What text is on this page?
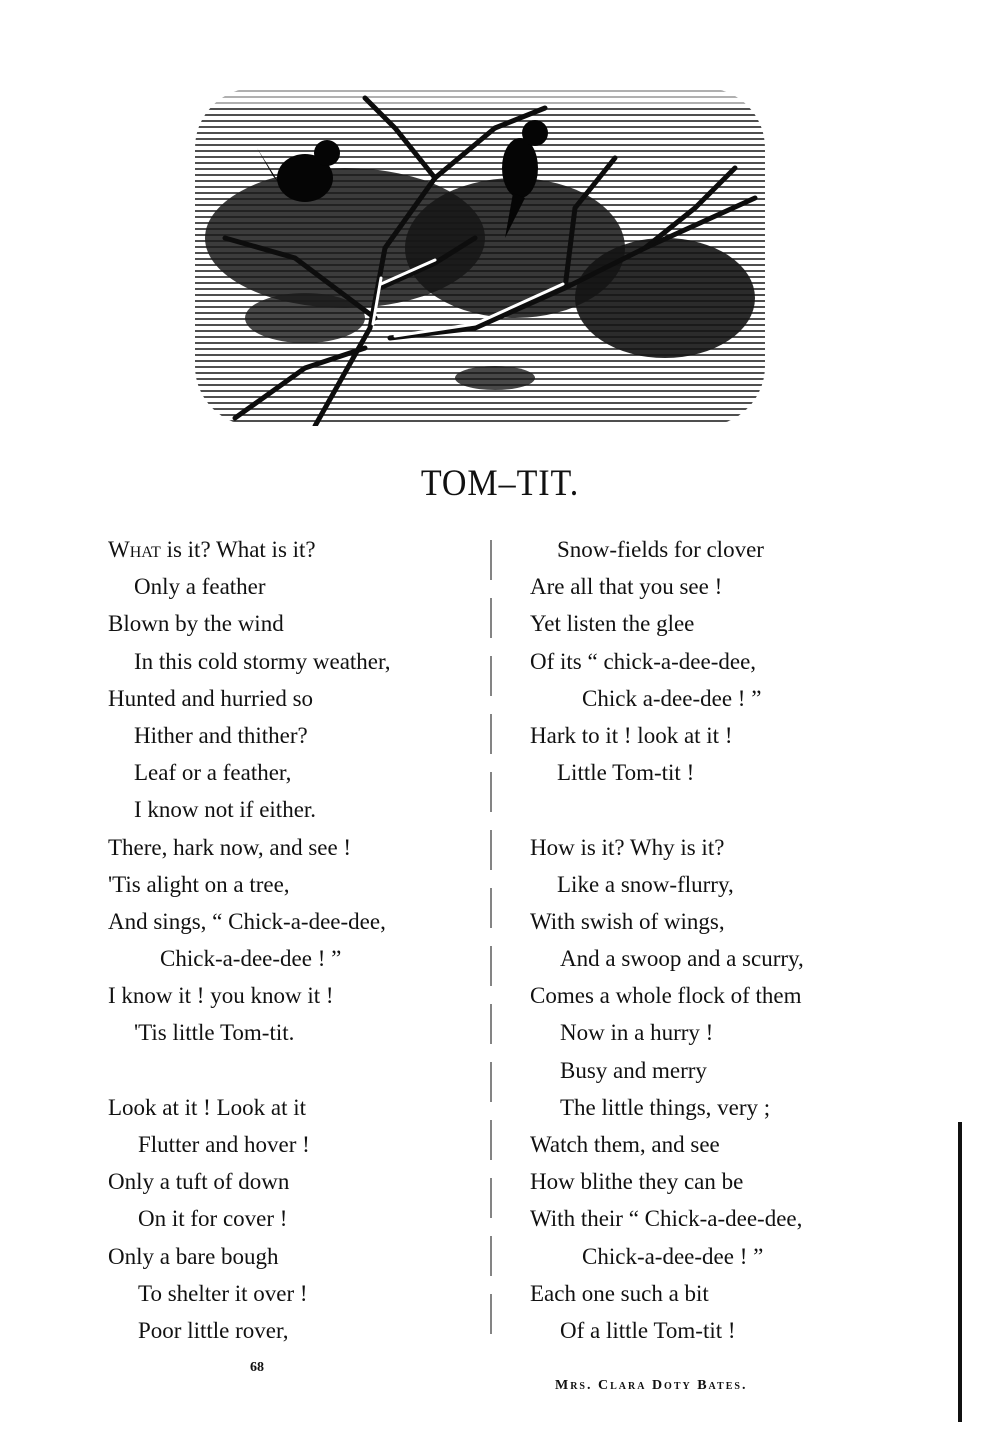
TOM–TIT.
What is it? What is it?
Only a feather
Blown by the wind
In this cold stormy weather,
Hunted and hurried so
Hither and thither?
Leaf or a feather,
I know not if either.
There, hark now, and see !
'Tis alight on a tree,
And sings, “ Chick-a-dee-dee,
Chick-a-dee-dee ! ”
I know it ! you know it !
'Tis little Tom-tit.
Look at it ! Look at it
Flutter and hover !
Only a tuft of down
On it for cover !
Only a bare bough
To shelter it over !
Poor little rover,
Snow-fields for clover
Are all that you see !
Yet listen the glee
Of its “ chick-a-dee-dee,
Chick a-dee-dee ! ”
Hark to it ! look at it !
Little Tom-tit !
How is it? Why is it?
Like a snow-flurry,
With swish of wings,
And a swoop and a scurry,
Comes a whole flock of them
Now in a hurry !
Busy and merry
The little things, very ;
Watch them, and see
How blithe they can be
With their “ Chick-a-dee-dee,
Chick-a-dee-dee ! ”
Each one such a bit
Of a little Tom-tit !
68
Mrs. Clara Doty Bates.
